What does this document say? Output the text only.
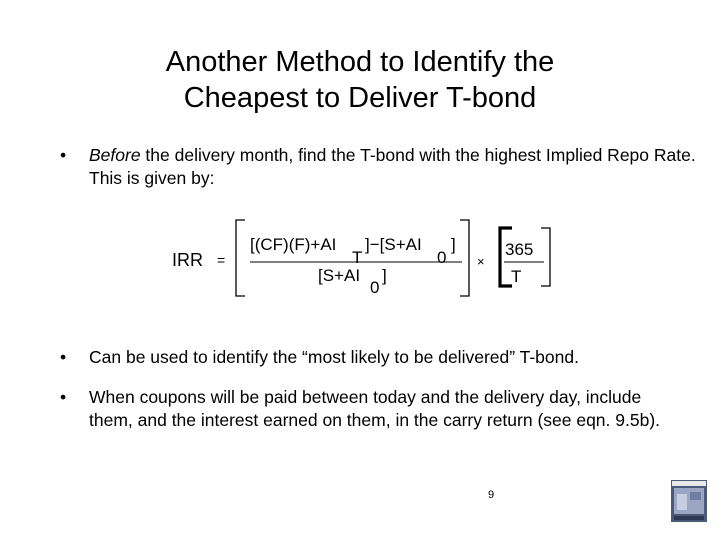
Another Method to Identify the
Cheapest to Deliver T-bond
• Before the delivery month, find the T-bond with the highest Implied Repo Rate. This is given by:
IRR =
[(CF)(F)+AI
T
]−[S+AI
0
]
[S+AI
0
]
×
365
T
• Can be used to identify the “most likely to be delivered” T-bond.
• When coupons will be paid between today and the delivery day, include them, and the interest earned on them, in the carry return (see eqn. 9.5b).
9
